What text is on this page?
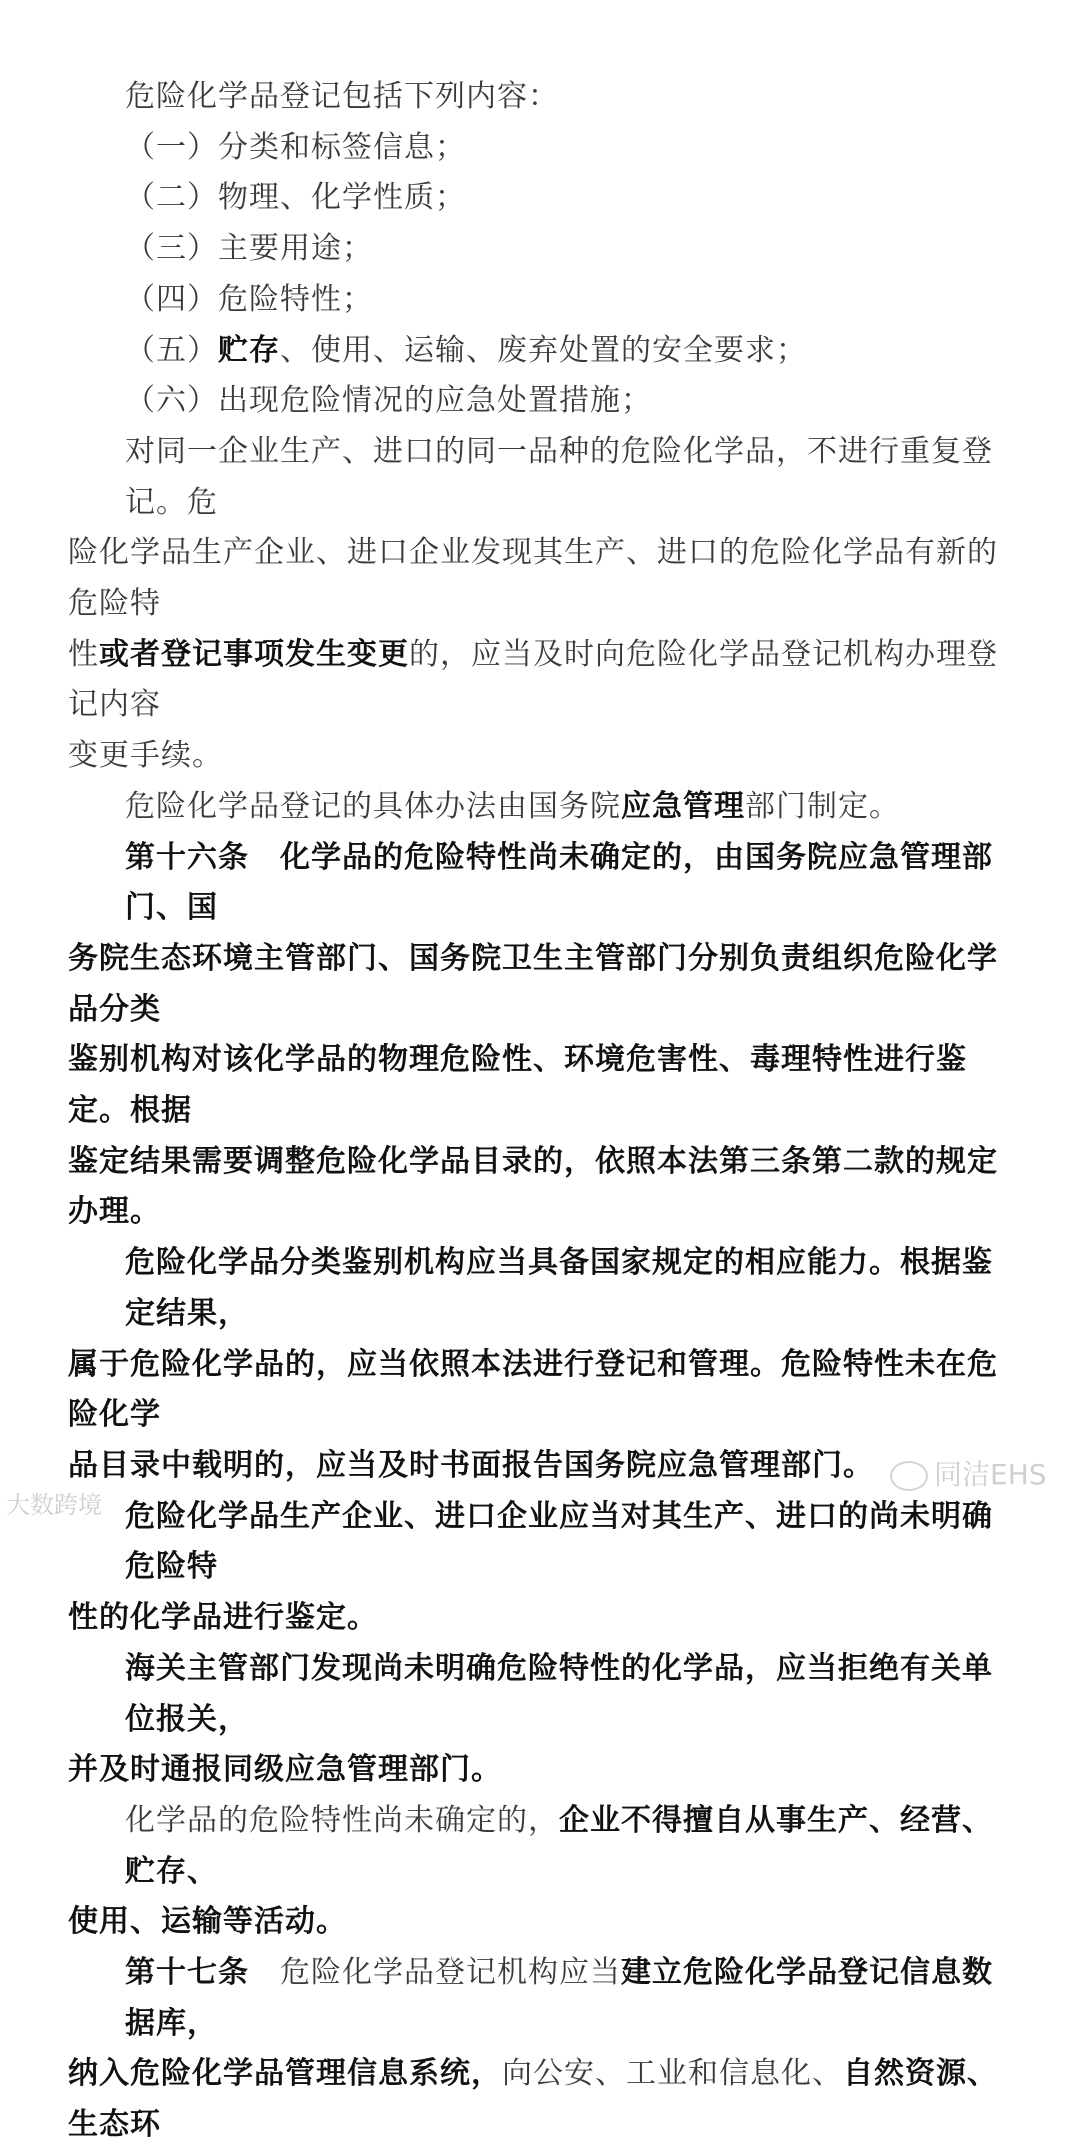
危险化学品登记包括下列内容：
（一）分类和标签信息；
（二）物理、化学性质；
（三）主要用途；
（四）危险特性；
（五）贮存、使用、运输、废弃处置的安全要求；
（六）出现危险情况的应急处置措施；
对同一企业生产、进口的同一品种的危险化学品，不进行重复登记。危
险化学品生产企业、进口企业发现其生产、进口的危险化学品有新的危险特
性或者登记事项发生变更的，应当及时向危险化学品登记机构办理登记内容
变更手续。
危险化学品登记的具体办法由国务院应急管理部门制定。
第十六条　化学品的危险特性尚未确定的，由国务院应急管理部门、国
务院生态环境主管部门、国务院卫生主管部门分别负责组织危险化学品分类
鉴别机构对该化学品的物理危险性、环境危害性、毒理特性进行鉴定。根据
鉴定结果需要调整危险化学品目录的，依照本法第三条第二款的规定办理。
危险化学品分类鉴别机构应当具备国家规定的相应能力。根据鉴定结果，
属于危险化学品的，应当依照本法进行登记和管理。危险特性未在危险化学
品目录中载明的，应当及时书面报告国务院应急管理部门。
危险化学品生产企业、进口企业应当对其生产、进口的尚未明确危险特
性的化学品进行鉴定。
海关主管部门发现尚未明确危险特性的化学品，应当拒绝有关单位报关，
并及时通报同级应急管理部门。
化学品的危险特性尚未确定的，企业不得擅自从事生产、经营、贮存、
使用、运输等活动。
第十七条　危险化学品登记机构应当建立危险化学品登记信息数据库，
纳入危险化学品管理信息系统，向公安、工业和信息化、自然资源、生态环
同洁EHS
大数跨境
